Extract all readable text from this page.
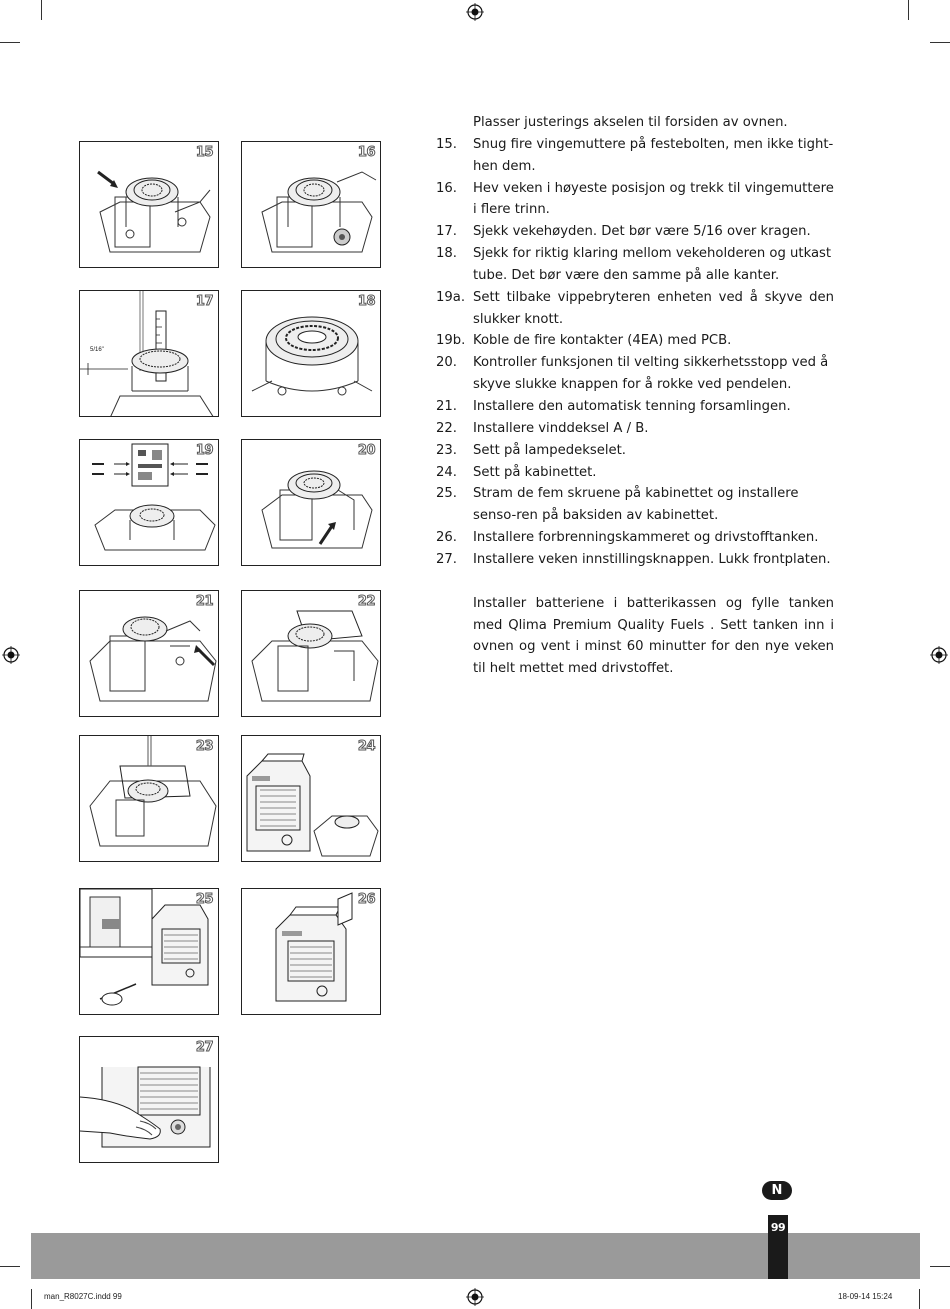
15	16
5/16"
17	18
19	20
21	22
23	24
25	26
27
Plasser justerings akselen til forsiden av ovnen.
15. Snug fire vingemuttere på festebolten, men ikke tight-hen dem.
16. Hev veken i høyeste posisjon og trekk til vingemuttere i flere trinn.
17. Sjekk vekehøyden. Det bør være 5/16 over kragen.
18. Sjekk for riktig klaring mellom vekeholderen og utkast tube. Det bør være den samme på alle kanter.
19a. Sett tilbake vippebryteren enheten ved å skyve den slukker knott.
19b. Koble de fire kontakter (4EA) med PCB.
20. Kontroller funksjonen til velting sikkerhetsstopp ved å skyve slukke knappen for å rokke ved pendelen.
21. Installere den automatisk tenning forsamlingen.
22. Installere vinddeksel A / B.
23. Sett på lampedekselet.
24. Sett på kabinettet.
25. Stram de fem skruene på kabinettet og installere senso-ren på baksiden av kabinettet.
26. Installere forbrenningskammeret og drivstofftanken.
27. Installere veken innstillingsknappen. Lukk frontplaten.
Installer batteriene i batterikassen og fylle tanken med Qlima Premium Quality Fuels . Sett tanken inn i ovnen og vent i minst 60 minutter for den nye veken til helt mettet med drivstoffet.
N
99
man_R8027C.indd 99	18-09-14 15:24
